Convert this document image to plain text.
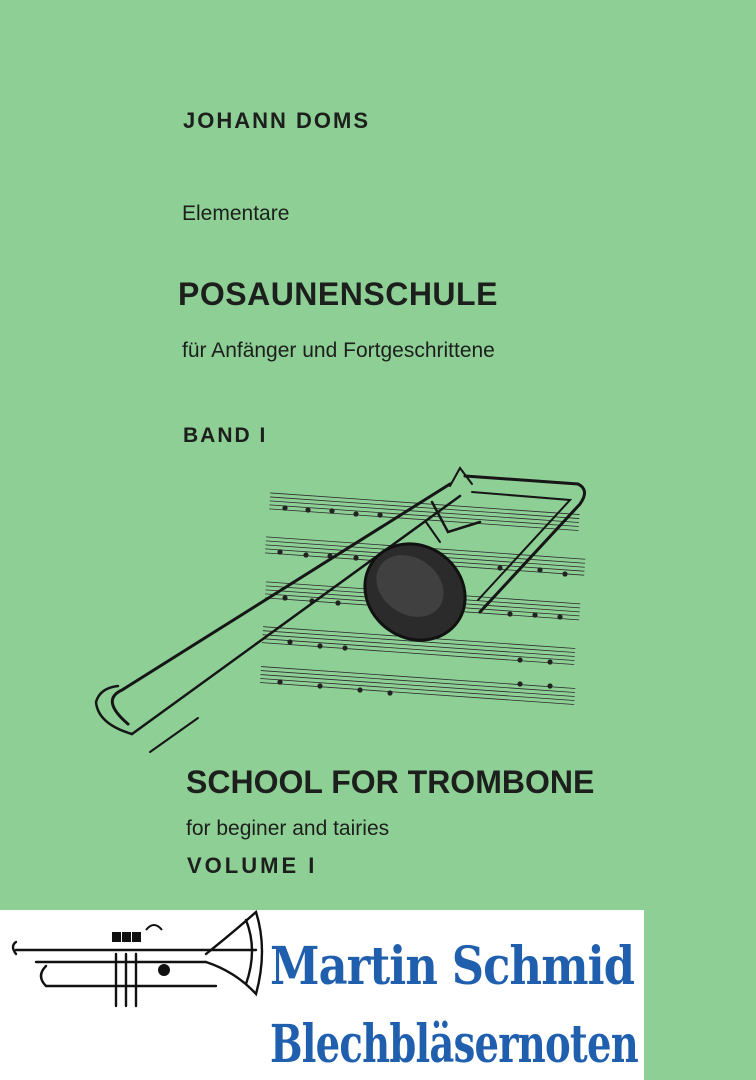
JOHANN DOMS

Elementare

POSAUNENSCHULE

für Anfänger und Fortgeschrittene

BAND I

SCHOOL FOR TROMBONE

for beginer and tairies

VOLUME I

Martin Schmid
Blechbläsernoten
